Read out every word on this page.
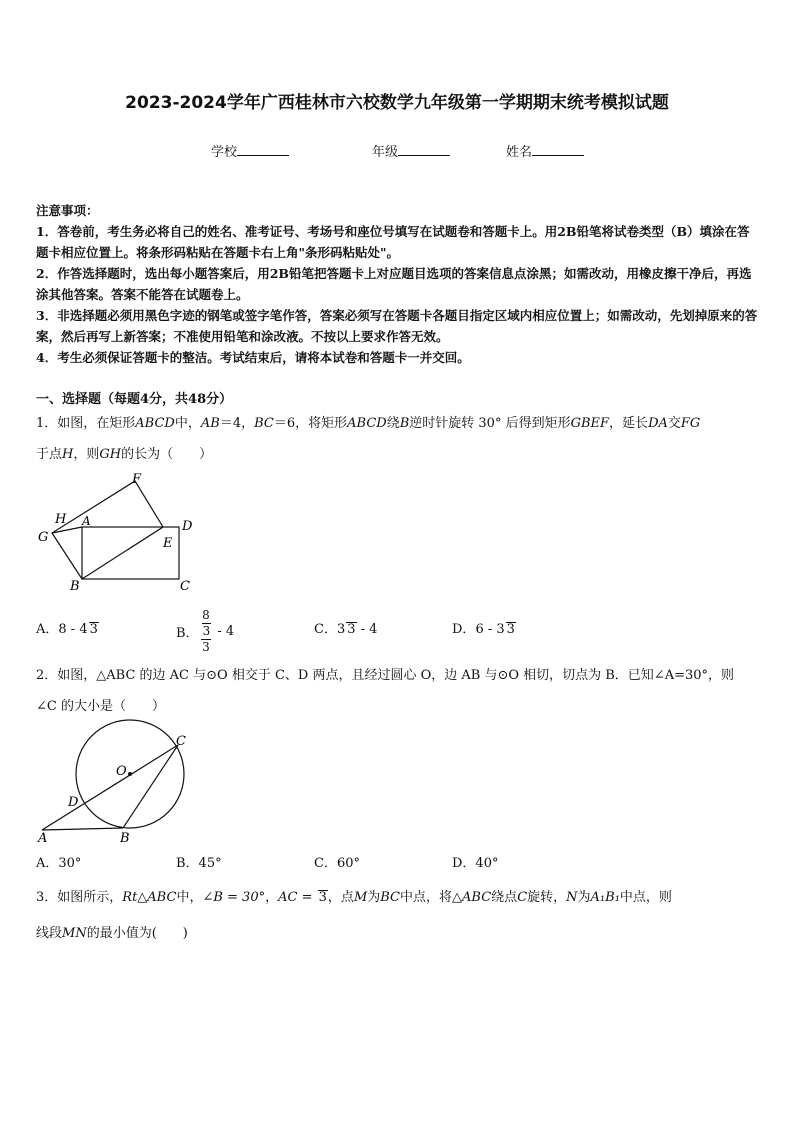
2023-2024学年广西桂林市六校数学九年级第一学期期末统考模拟试题
学校	年级	姓名

注意事项：

1．答卷前，考生务必将自己的姓名、准考证号、考场号和座位号填写在试题卷和答题卡上。用2B铅笔将试卷类型（B）填涂在答题卡相应位置上。将条形码粘贴在答题卡右上角"条形码粘贴处"。

2．作答选择题时，选出每小题答案后，用2B铅笔把答题卡上对应题目选项的答案信息点涂黑；如需改动，用橡皮擦干净后，再选涂其他答案。答案不能答在试题卷上。

3．非选择题必须用黑色字迹的钢笔或签字笔作答，答案必须写在答题卡各题目指定区域内相应位置上；如需改动，先划掉原来的答案，然后再写上新答案；不准使用铅笔和涂改液。不按以上要求作答无效。

4．考生必须保证答题卡的整洁。考试结束后，请将本试卷和答题卡一并交回。

一、选择题（每题4分，共48分）

1．如图，在矩形ABCD中，AB＝4，BC＝6，将矩形ABCD绕B逆时针旋转 30° 后得到矩形GBEF，延长DA交FG

于点H，则GH的长为（　　）

F
H A	D
G	E
B	C
A．8 - 4 3	B． 8
3
3 - 4	C．3 3 - 4	D．6 - 3 3

2．如图，△ABC 的边 AC 与⊙O 相交于 C、D 两点，且经过圆心 O，边 AB 与⊙O 相切，切点为 B．已知∠A=30°，则

∠C 的大小是（　　）

C
O
D
A	B
A．30°	B．45°	C．60°	D．40°

3．如图所示，Rt△ABC中，∠B = 30°，AC = 3，点M为BC中点，将△ABC绕点C旋转，N为A₁B₁中点，则

线段MN的最小值为(　　)
